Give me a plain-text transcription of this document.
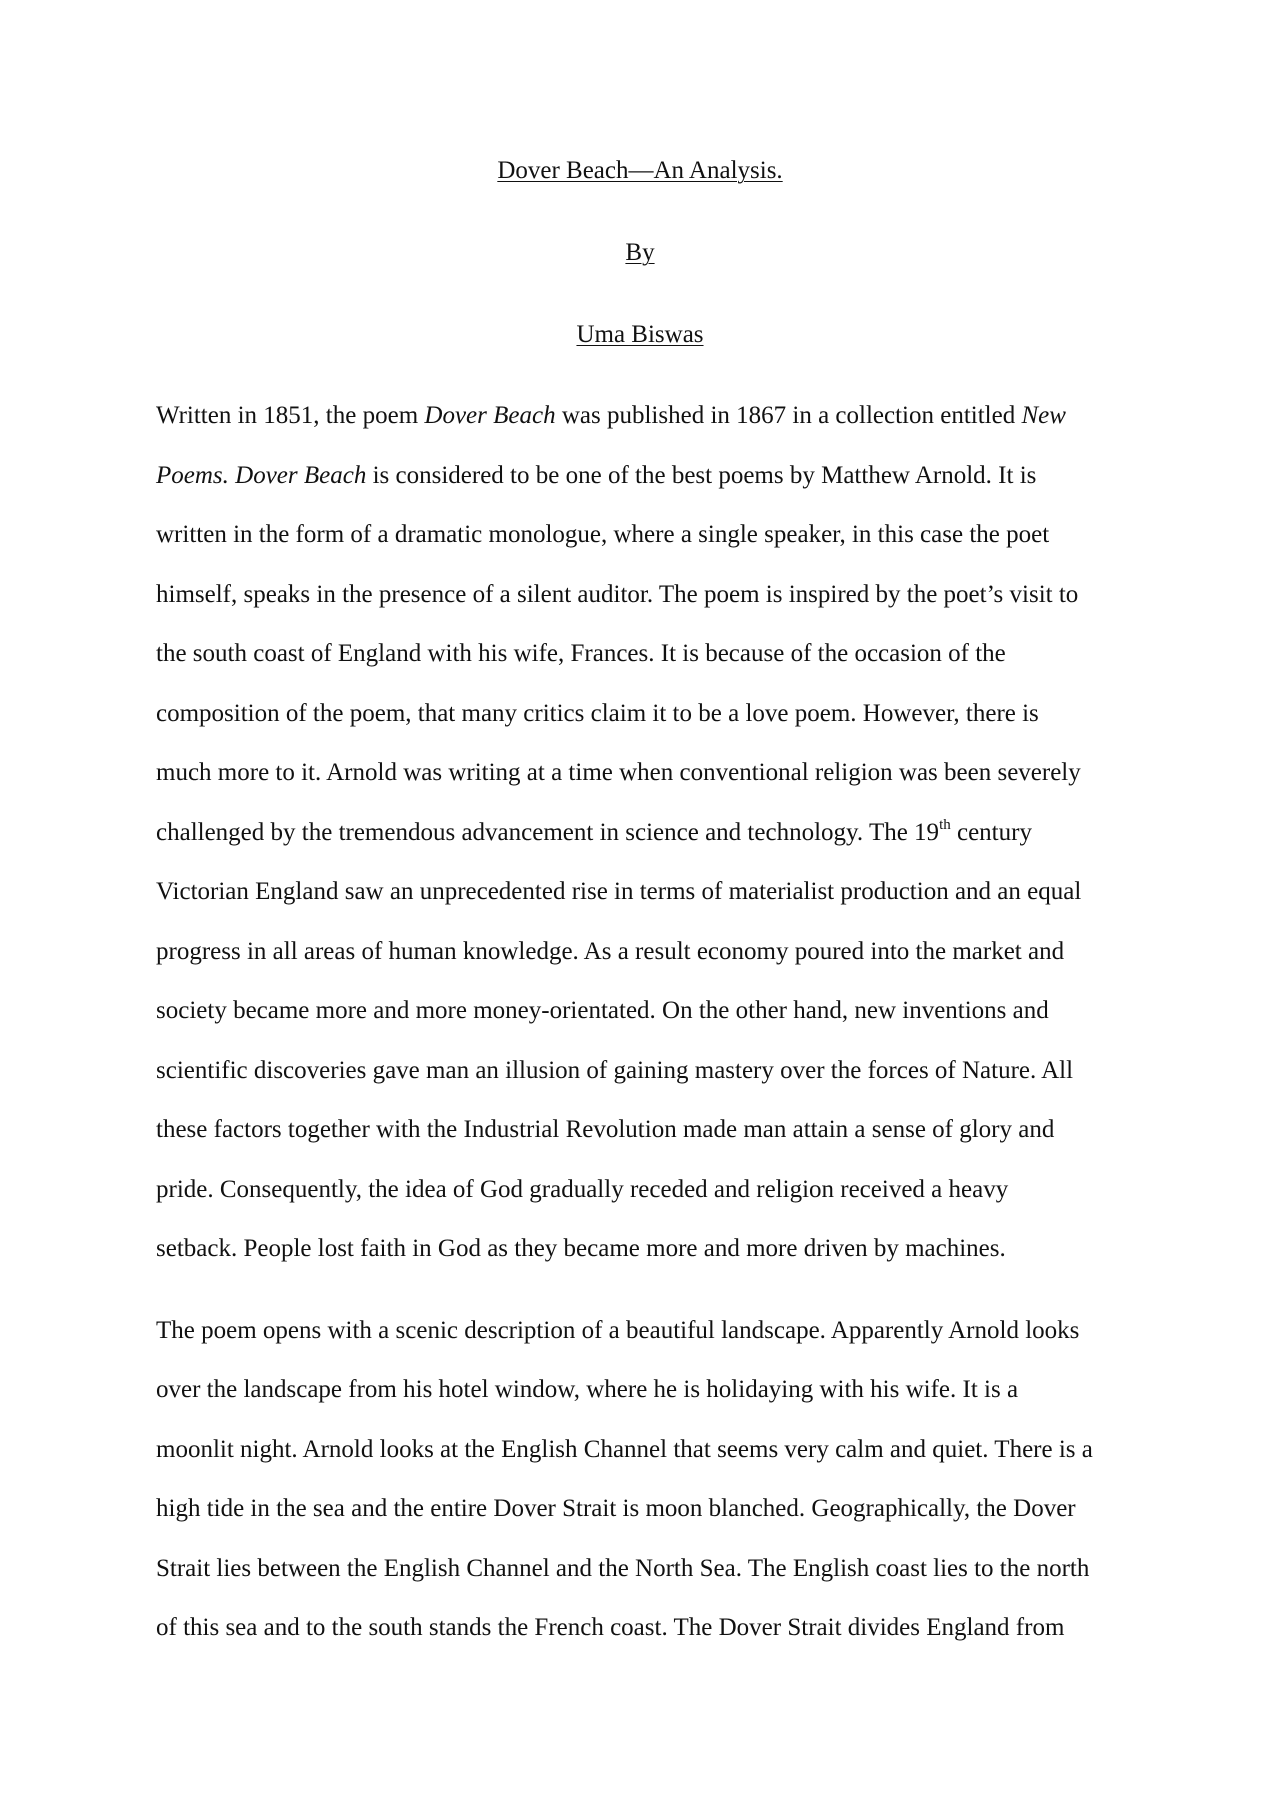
Dover Beach—An Analysis.
By
Uma Biswas
Written in 1851, the poem Dover Beach was published in 1867 in a collection entitled New
Poems. Dover Beach is considered to be one of the best poems by Matthew Arnold. It is
written in the form of a dramatic monologue, where a single speaker, in this case the poet
himself, speaks in the presence of a silent auditor. The poem is inspired by the poet’s visit to
the south coast of England with his wife, Frances. It is because of the occasion of the
composition of the poem, that many critics claim it to be a love poem. However, there is
much more to it. Arnold was writing at a time when conventional religion was been severely
challenged by the tremendous advancement in science and technology. The 19th century
Victorian England saw an unprecedented rise in terms of materialist production and an equal
progress in all areas of human knowledge. As a result economy poured into the market and
society became more and more money-orientated. On the other hand, new inventions and
scientific discoveries gave man an illusion of gaining mastery over the forces of Nature. All
these factors together with the Industrial Revolution made man attain a sense of glory and
pride. Consequently, the idea of God gradually receded and religion received a heavy
setback. People lost faith in God as they became more and more driven by machines.
The poem opens with a scenic description of a beautiful landscape. Apparently Arnold looks
over the landscape from his hotel window, where he is holidaying with his wife. It is a
moonlit night. Arnold looks at the English Channel that seems very calm and quiet. There is a
high tide in the sea and the entire Dover Strait is moon blanched. Geographically, the Dover
Strait lies between the English Channel and the North Sea. The English coast lies to the north
of this sea and to the south stands the French coast. The Dover Strait divides England from
